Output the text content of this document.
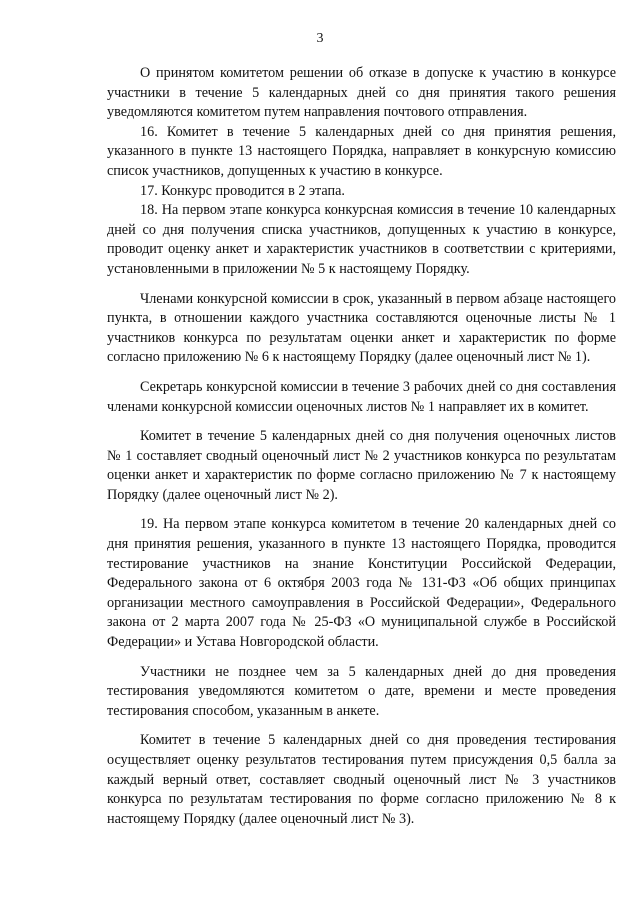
3

О принятом комитетом решении об отказе в допуске к участию в конкурсе участники в течение 5 календарных дней со дня принятия такого решения уведомляются комитетом путем направления почтового отправления.

16. Комитет в течение 5 календарных дней со дня принятия решения, указанного в пункте 13 настоящего Порядка, направляет в конкурсную комиссию список участников, допущенных к участию в конкурсе.

17. Конкурс проводится в 2 этапа.

18. На первом этапе конкурса конкурсная комиссия в течение 10 календарных дней со дня получения списка участников, допущенных к участию в конкурсе, проводит оценку анкет и характеристик участников в соответствии с критериями, установленными в приложении № 5 к настоящему Порядку.

Членами конкурсной комиссии в срок, указанный в первом абзаце настоящего пункта, в отношении каждого участника составляются оценочные листы № 1 участников конкурса по результатам оценки анкет и характеристик по форме согласно приложению № 6 к настоящему Порядку (далее оценочный лист № 1).

Секретарь конкурсной комиссии в течение 3 рабочих дней со дня составления членами конкурсной комиссии оценочных листов № 1 направляет их в комитет.

Комитет в течение 5 календарных дней со дня получения оценочных листов № 1 составляет сводный оценочный лист № 2 участников конкурса по результатам оценки анкет и характеристик по форме согласно приложению № 7 к настоящему Порядку (далее оценочный лист № 2).

19. На первом этапе конкурса комитетом в течение 20 календарных дней со дня принятия решения, указанного в пункте 13 настоящего Порядка, проводится тестирование участников на знание Конституции Российской Федерации, Федерального закона от 6 октября 2003 года № 131-ФЗ «Об общих принципах организации местного самоуправления в Российской Федерации», Федерального закона от 2 марта 2007 года № 25-ФЗ «О муниципальной службе в Российской Федерации» и Устава Новгородской области.

Участники не позднее чем за 5 календарных дней до дня проведения тестирования уведомляются комитетом о дате, времени и месте проведения тестирования способом, указанным в анкете.

Комитет в течение 5 календарных дней со дня проведения тестирования осуществляет оценку результатов тестирования путем присуждения 0,5 балла за каждый верный ответ, составляет сводный оценочный лист № 3 участников конкурса по результатам тестирования по форме согласно приложению № 8 к настоящему Порядку (далее оценочный лист № 3).
